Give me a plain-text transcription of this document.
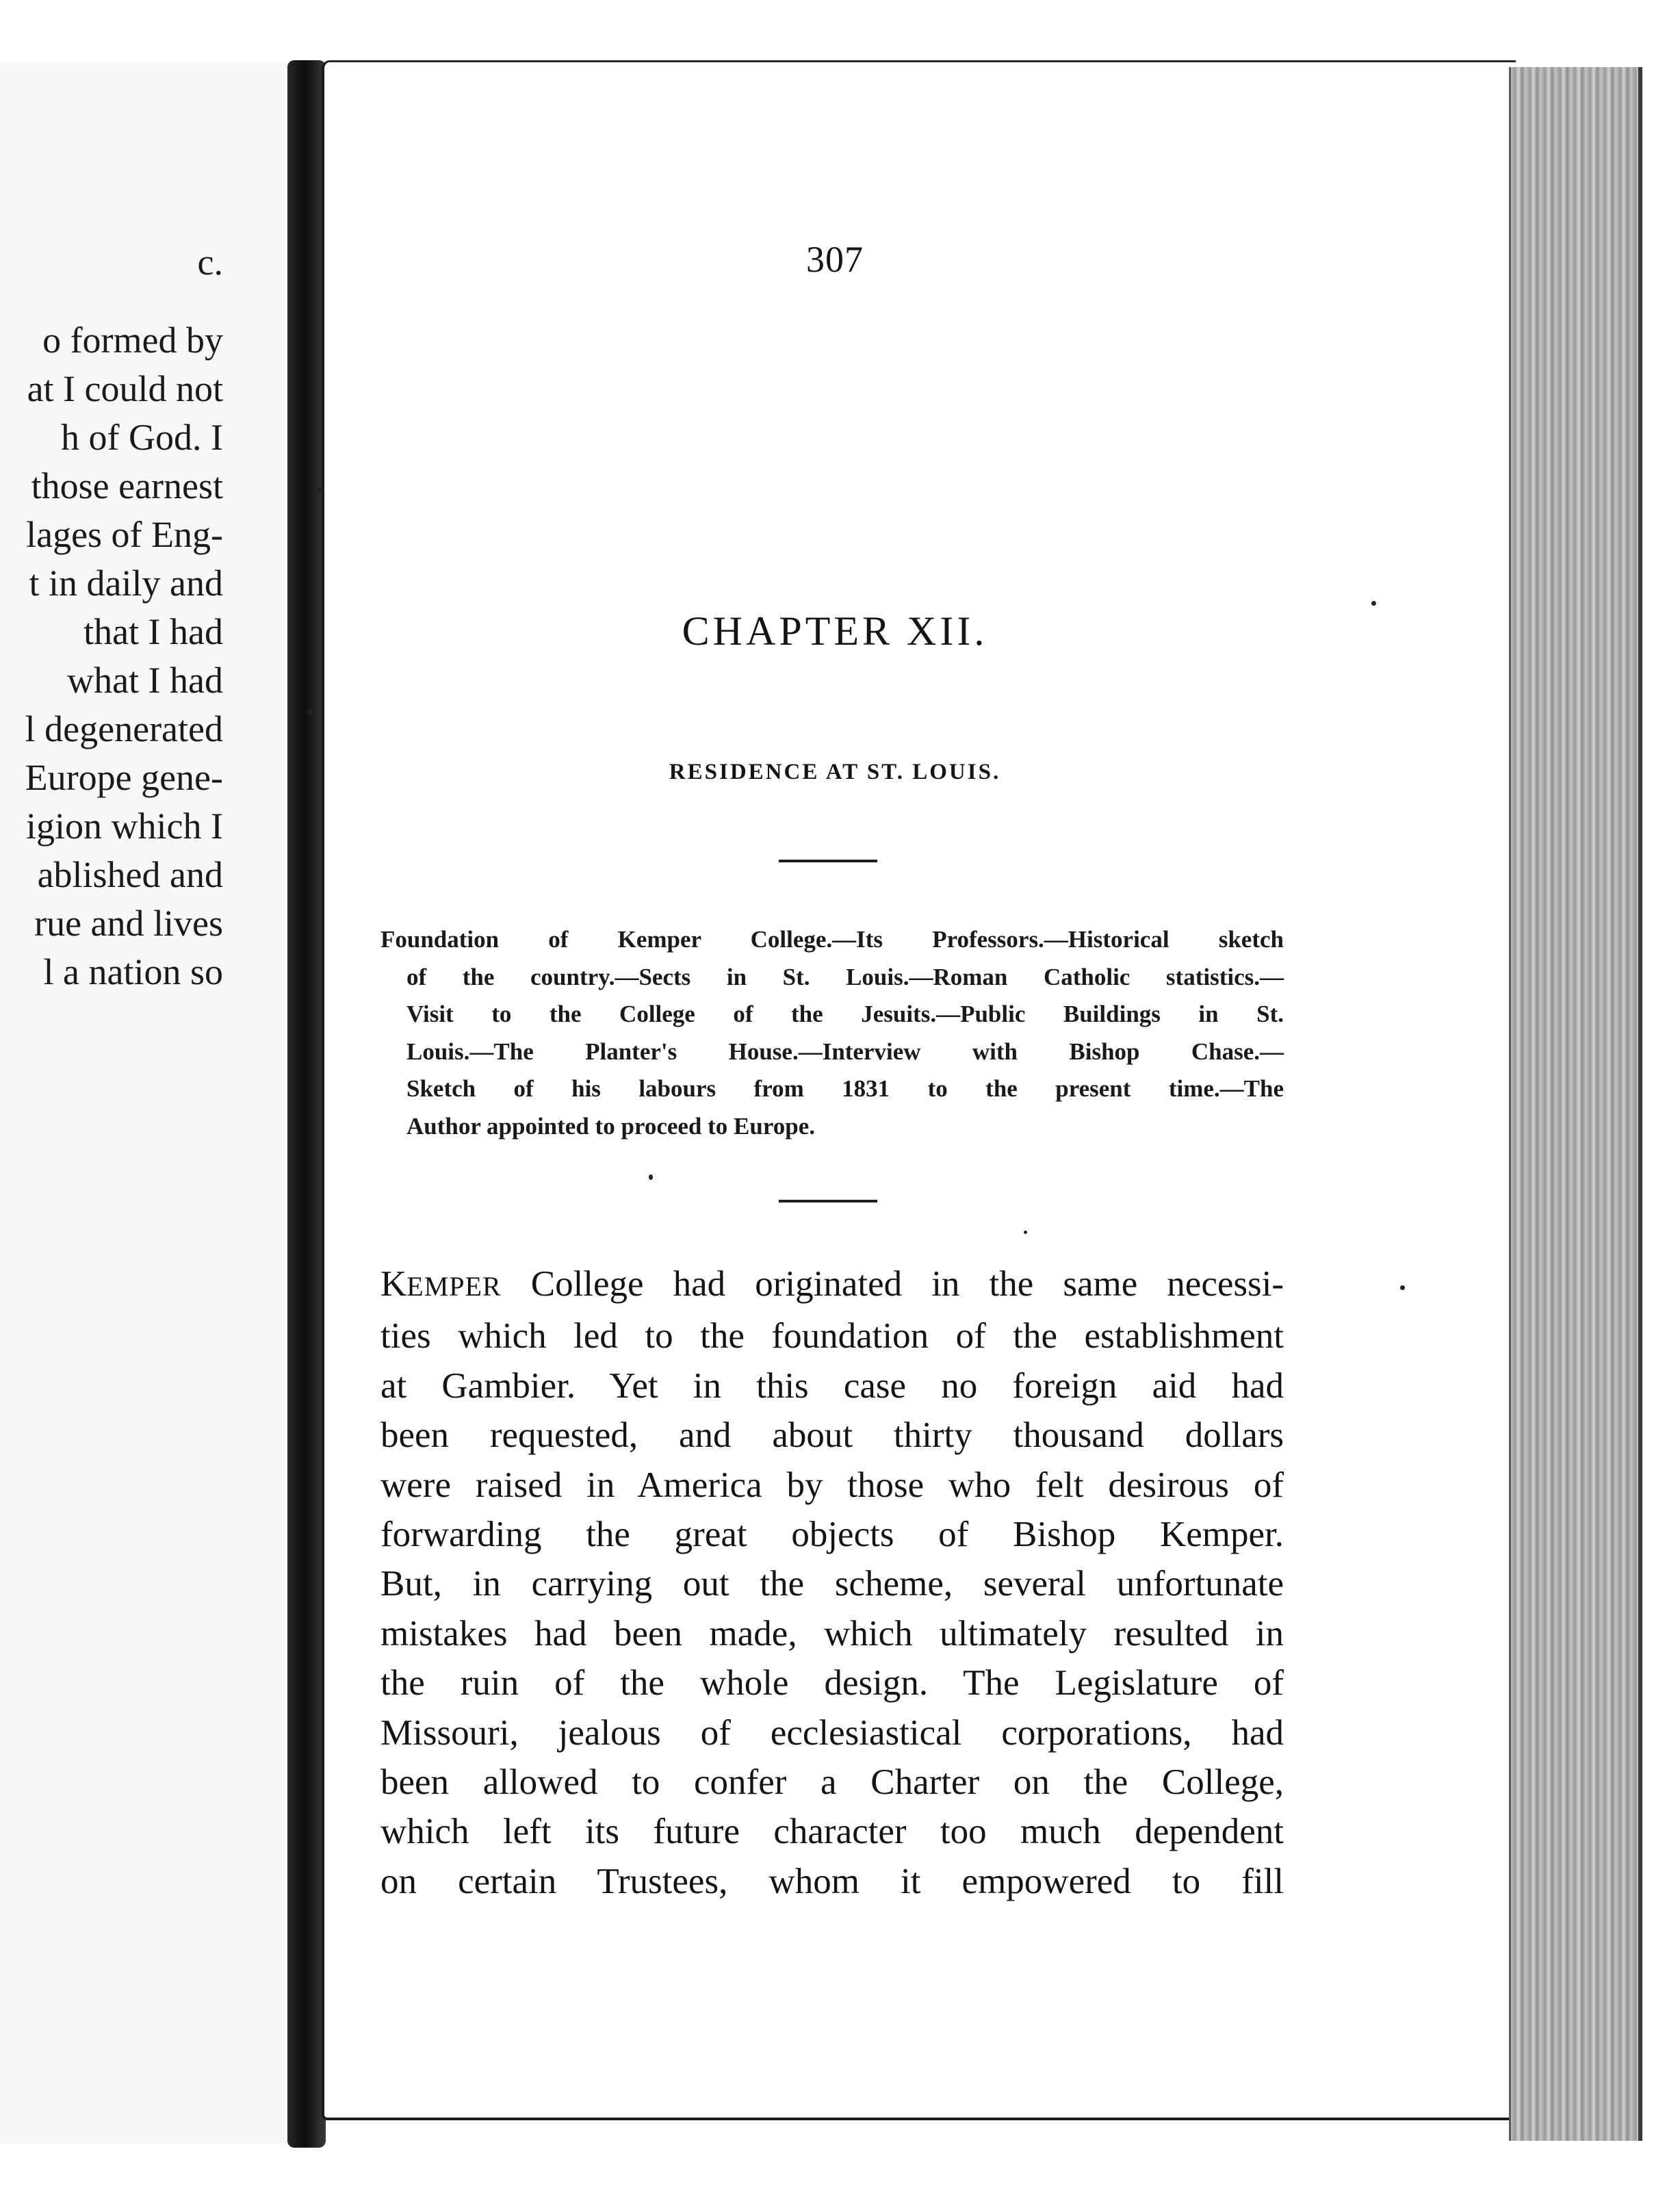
c.
o formed by
at I could not
h of God. I
those earnest
lages of Eng-
t in daily and
that I had
what I had
l degenerated
Europe gene-
igion which I
ablished and
rue and lives
l a nation so
307
CHAPTER XII.
RESIDENCE AT ST. LOUIS.
Foundation of Kemper College.—Its Professors.—Historical sketch
of the country.—Sects in St. Louis.—Roman Catholic statistics.—
Visit to the College of the Jesuits.—Public Buildings in St.
Louis.—The Planter's House.—Interview with Bishop Chase.—
Sketch of his labours from 1831 to the present time.—The
Author appointed to proceed to Europe.
KEMPER College had originated in the same necessi-
ties which led to the foundation of the establishment
at Gambier. Yet in this case no foreign aid had
been requested, and about thirty thousand dollars
were raised in America by those who felt desirous of
forwarding the great objects of Bishop Kemper.
But, in carrying out the scheme, several unfortunate
mistakes had been made, which ultimately resulted in
the ruin of the whole design. The Legislature of
Missouri, jealous of ecclesiastical corporations, had
been allowed to confer a Charter on the College,
which left its future character too much dependent
on certain Trustees, whom it empowered to fill
